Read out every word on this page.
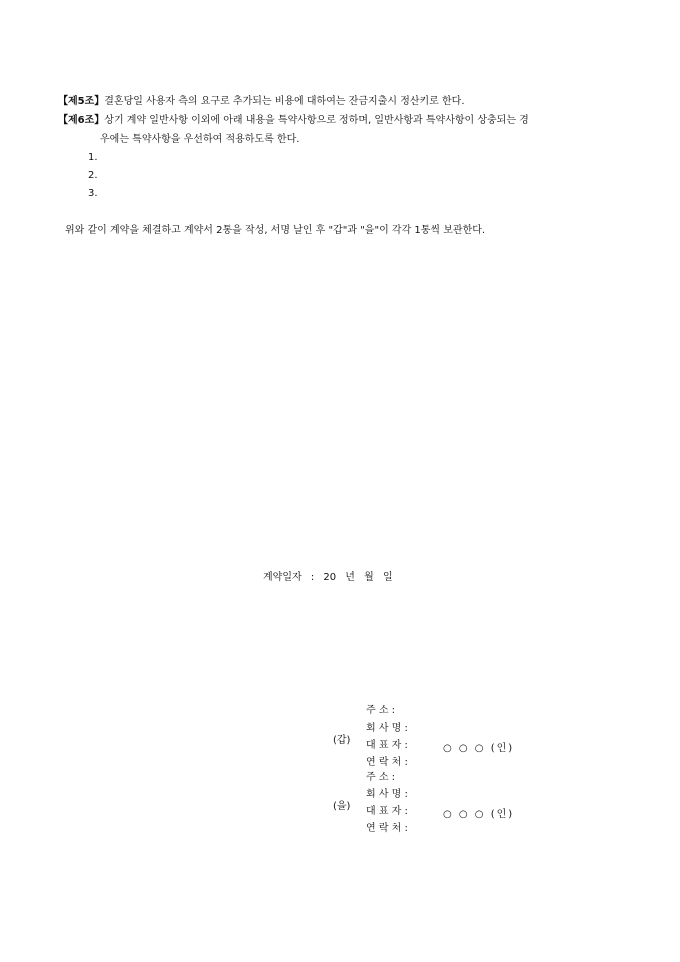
【제5조】결혼당일 사용자 측의 요구로 추가되는 비용에 대하여는 잔금지출시 정산키로 한다.
【제6조】상기 계약 일반사항 이외에 아래 내용을 특약사항으로 정하며, 일반사항과 특약사항이 상충되는 경
우에는 특약사항을 우선하여 적용하도록 한다.
1.
2.
3.
위와 같이 계약을 체결하고 계약서 2통을 작성, 서명 날인 후 "갑"과 "을"이 각각 1통씩 보관한다.
계약일자 : 20 년 월 일
(갑)
주 소 :
회 사 명 :
대 표 자 :	○ ○ ○ (인)
연 락 처 :
(을)
주 소 :
회 사 명 :
대 표 자 :	○ ○ ○ (인)
연 락 처 :
